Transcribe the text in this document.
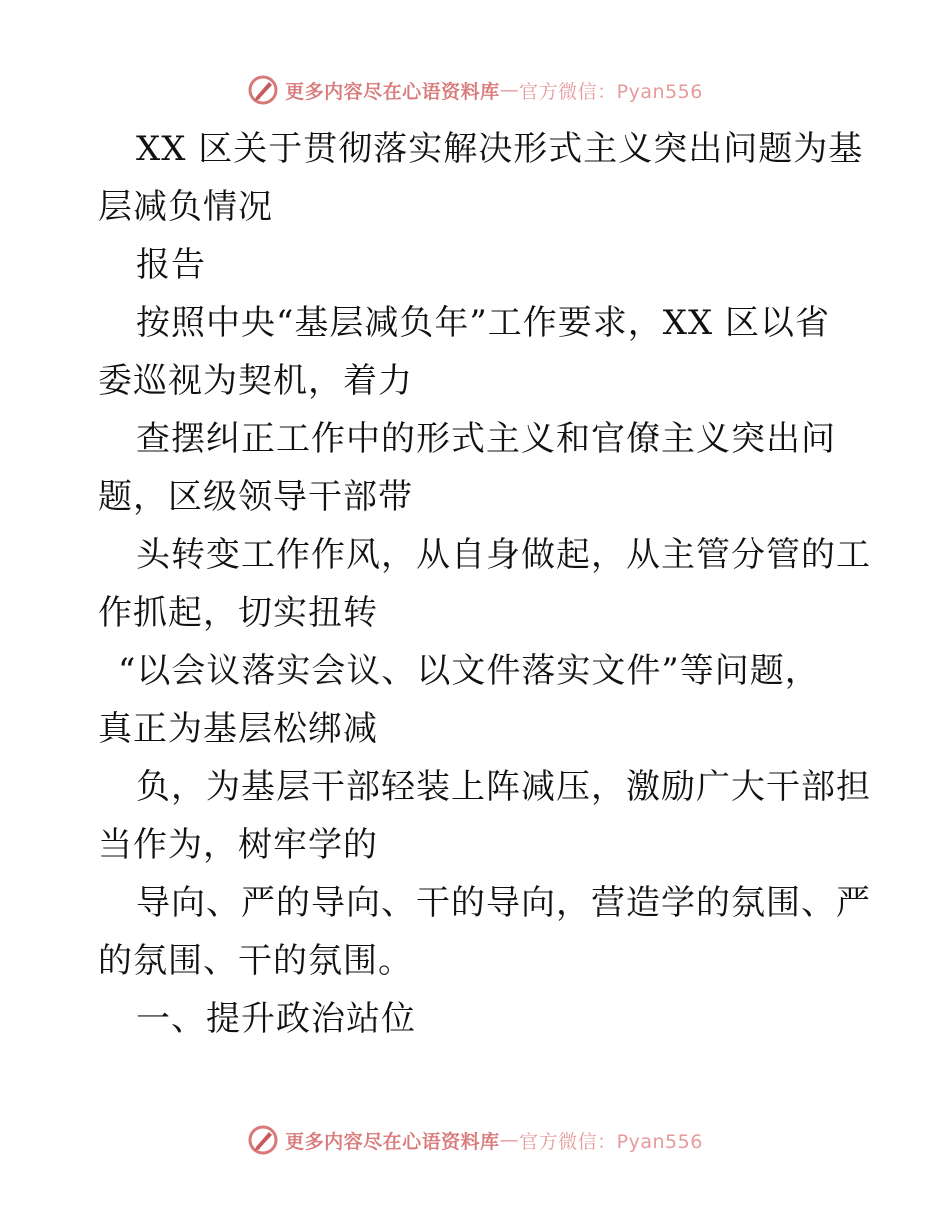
更多内容尽在心语资料库 — 官方微信：Pyan556
XX 区关于贯彻落实解决形式主义突出问题为基
层减负情况
报告
按照中央“基层减负年”工作要求，XX 区以省
委巡视为契机，着力
查摆纠正工作中的形式主义和官僚主义突出问
题，区级领导干部带
头转变工作作风，从自身做起，从主管分管的工
作抓起，切实扭转
“以会议落实会议、以文件落实文件”等问题，
真正为基层松绑减
负，为基层干部轻装上阵减压，激励广大干部担
当作为，树牢学的
导向、严的导向、干的导向，营造学的氛围、严
的氛围、干的氛围。
一、提升政治站位
更多内容尽在心语资料库 — 官方微信：Pyan556
